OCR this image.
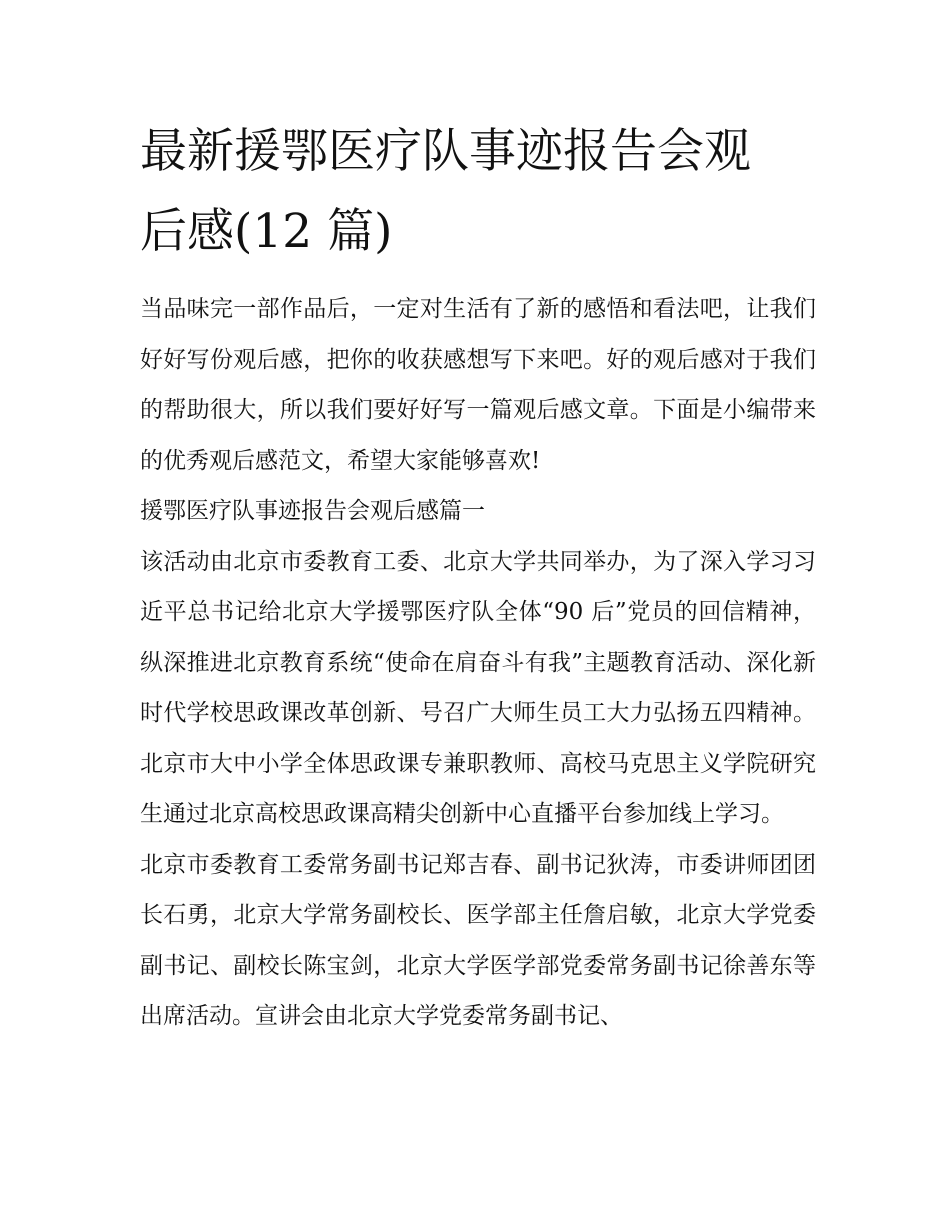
最新援鄂医疗队事迹报告会观
后感(12 篇)

当品味完一部作品后，一定对生活有了新的感悟和看法吧，让我们好好写份观后感，把你的收获感想写下来吧。好的观后感对于我们的帮助很大，所以我们要好好写一篇观后感文章。下面是小编带来的优秀观后感范文，希望大家能够喜欢!

援鄂医疗队事迹报告会观后感篇一

该活动由北京市委教育工委、北京大学共同举办，为了深入学习习近平总书记给北京大学援鄂医疗队全体“90 后”党员的回信精神，纵深推进北京教育系统“使命在肩奋斗有我”主题教育活动、深化新时代学校思政课改革创新、号召广大师生员工大力弘扬五四精神。北京市大中小学全体思政课专兼职教师、高校马克思主义学院研究生通过北京高校思政课高精尖创新中心直播平台参加线上学习。

北京市委教育工委常务副书记郑吉春、副书记狄涛，市委讲师团团长石勇，北京大学常务副校长、医学部主任詹启敏，北京大学党委副书记、副校长陈宝剑，北京大学医学部党委常务副书记徐善东等出席活动。宣讲会由北京大学党委常务副书记、
